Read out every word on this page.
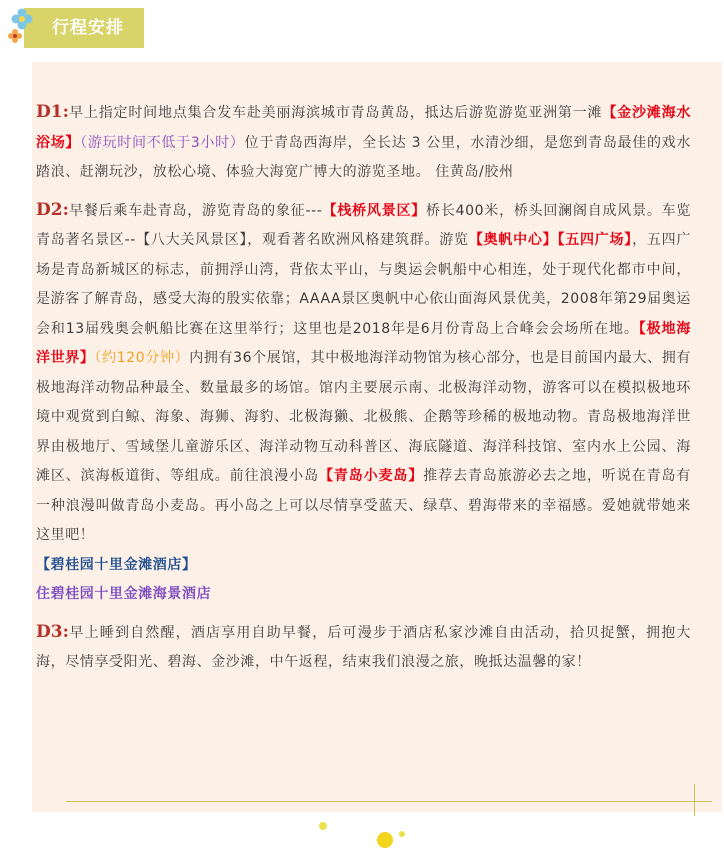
行程安排

D1:早上指定时间地点集合发车赴美丽海滨城市青岛黄岛，抵达后游览游览亚洲第一滩【金沙滩海水浴场】（游玩时间不低于3小时）位于青岛西海岸，全长达 3 公里，水清沙细，是您到青岛最佳的戏水踏浪、赶潮玩沙，放松心境、体验大海宽广博大的游览圣地。 住黄岛/胶州

D2:早餐后乘车赴青岛，游览青岛的象征---【栈桥风景区】桥长400米，桥头回澜阁自成风景。车览青岛著名景区--【八大关风景区】，观看著名欧洲风格建筑群。游览【奥帆中心】【五四广场】，五四广场是青岛新城区的标志，前拥浮山湾，背依太平山，与奥运会帆船中心相连，处于现代化都市中间，是游客了解青岛，感受大海的殷实依靠；AAAA景区奥帆中心依山面海风景优美，2008年第29届奥运会和13届残奥会帆船比赛在这里举行；这里也是2018年是6月份青岛上合峰会会场所在地。【极地海洋世界】（约120分钟）内拥有36个展馆，其中极地海洋动物馆为核心部分，也是目前国内最大、拥有极地海洋动物品种最全、数量最多的场馆。馆内主要展示南、北极海洋动物，游客可以在模拟极地环境中观赏到白鲸、海象、海狮、海豹、北极海獭、北极熊、企鹅等珍稀的极地动物。青岛极地海洋世界由极地厅、雪域堡儿童游乐区、海洋动物互动科普区、海底隧道、海洋科技馆、室内水上公园、海滩区、滨海板道街、等组成。前往浪漫小岛【青岛小麦岛】推荐去青岛旅游必去之地，听说在青岛有一种浪漫叫做青岛小麦岛。再小岛之上可以尽情享受蓝天、绿草、碧海带来的幸福感。爱她就带她来这里吧！
【碧桂园十里金滩酒店】
住碧桂园十里金滩海景酒店

D3:早上睡到自然醒，酒店享用自助早餐，后可漫步于酒店私家沙滩自由活动，拾贝捉蟹，拥抱大海，尽情享受阳光、碧海、金沙滩，中午返程，结束我们浪漫之旅，晚抵达温馨的家！
